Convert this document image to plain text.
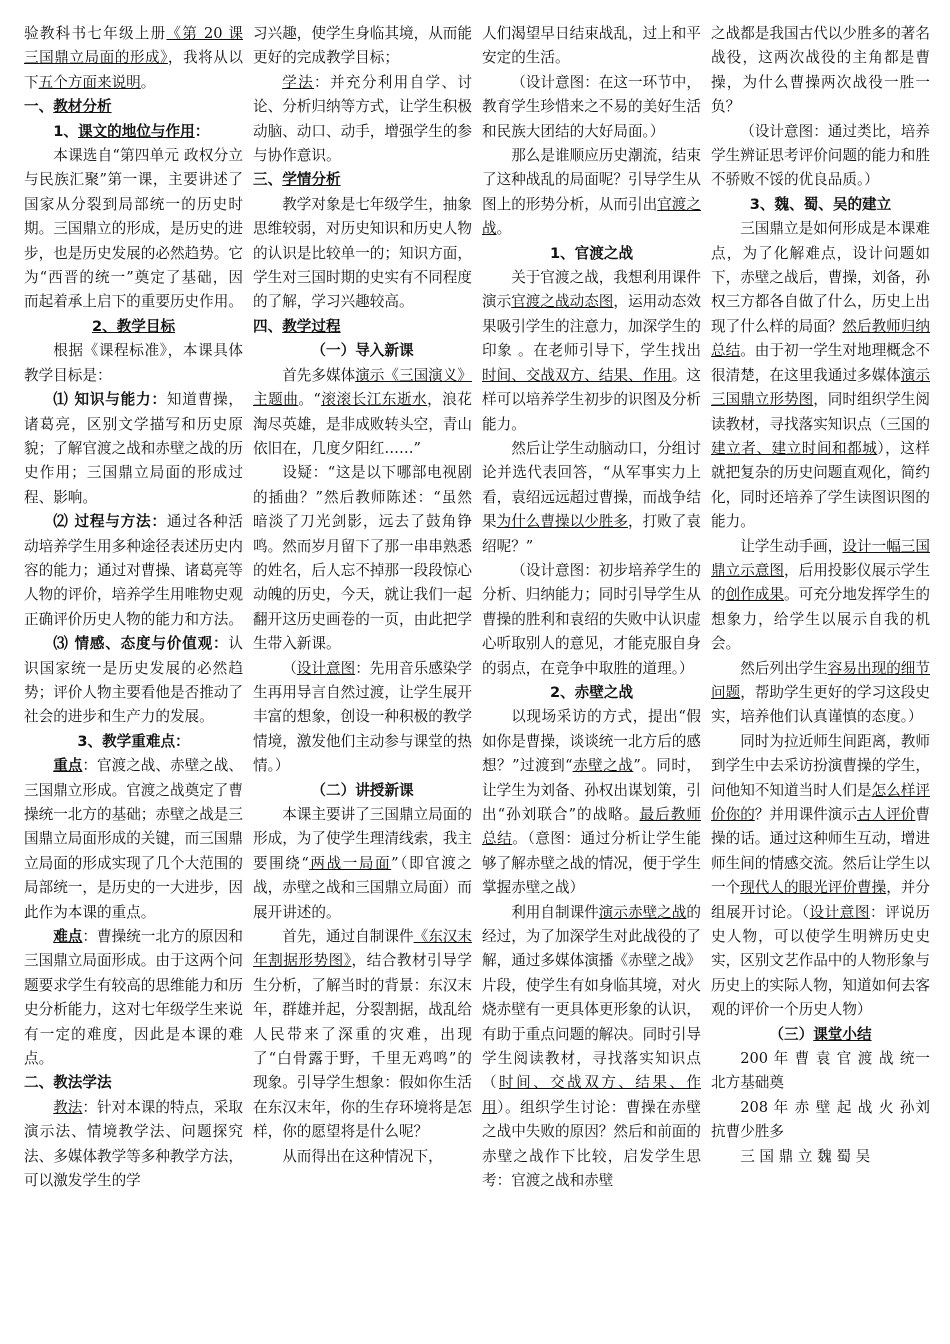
验教科书七年级上册《第 20 课 三国鼎立局面的形成》，我将从以下五个方面来说明。

一、教材分析
1、课文的地位与作用：

本课选自“第四单元 政权分立与民族汇聚”第一课，主要讲述了国家从分裂到局部统一的历史时期。三国鼎立的形成，是历史的进步，也是历史发展的必然趋势。它为“西晋的统一”奠定了基础，因而起着承上启下的重要历史作用。

2、教学目标

根据《课程标准》，本课具体教学目标是：

⑴ 知识与能力：知道曹操，诸葛亮，区别文学描写和历史原貌；了解官渡之战和赤壁之战的历史作用；三国鼎立局面的形成过程、影响。

⑵ 过程与方法：通过各种活动培养学生用多种途径表述历史内容的能力；通过对曹操、诸葛亮等人物的评价，培养学生用唯物史观正确评价历史人物的能力和方法。

⑶ 情感、态度与价值观：认识国家统一是历史发展的必然趋势；评价人物主要看他是否推动了社会的进步和生产力的发展。

3、教学重难点：

重点：官渡之战、赤壁之战、三国鼎立形成。官渡之战奠定了曹操统一北方的基础；赤壁之战是三国鼎立局面形成的关键，而三国鼎立局面的形成实现了几个大范围的局部统一，是历史的一大进步，因此作为本课的重点。

难点：曹操统一北方的原因和三国鼎立局面形成。由于这两个问题要求学生有较高的思维能力和历史分析能力，这对七年级学生来说有一定的难度，因此是本课的难点。

二、教法学法

教法：针对本课的特点，采取演示法、情境教学法、问题探究法、多媒体教学等多种教学方法，可以激发学生的学

习兴趣，使学生身临其境，从而能更好的完成教学目标；

学法：并充分利用自学、讨论、分析归纳等方式，让学生积极动脑、动口、动手，增强学生的参与协作意识。

三、学情分析

教学对象是七年级学生，抽象思维较弱，对历史知识和历史人物的认识是比较单一的；知识方面，学生对三国时期的史实有不同程度的了解，学习兴趣较高。

四、教学过程
（一）导入新课

首先多媒体演示《三国演义》主题曲。“滚滚长江东逝水，浪花淘尽英雄，是非成败转头空，青山依旧在，几度夕阳红……”

设疑：“这是以下哪部电视剧的插曲？”然后教师陈述：“虽然暗淡了刀光剑影，远去了鼓角铮鸣。然而岁月留下了那一串串熟悉的姓名，后人忘不掉那一段段惊心动魄的历史，今天，就让我们一起翻开这历史画卷的一页，由此把学生带入新课。

（设计意图：先用音乐感染学生再用导言自然过渡，让学生展开丰富的想象，创设一种积极的教学情境，激发他们主动参与课堂的热情。）

（二）讲授新课

本课主要讲了三国鼎立局面的形成，为了使学生理清线索，我主要围绕“两战一局面”（即官渡之战，赤壁之战和三国鼎立局面）而展开讲述的。

首先，通过自制课件《东汉末年割据形势图》，结合教材引导学生分析，了解当时的背景：东汉末年，群雄并起，分裂割据，战乱给人民带来了深重的灾难，出现了“白骨露于野，千里无鸡鸣”的现象。引导学生想象：假如你生活在东汉末年，你的生存环境将是怎样，你的愿望将是什么呢？

从而得出在这种情况下，

人们渴望早日结束战乱，过上和平安定的生活。

（设计意图：在这一环节中，教育学生珍惜来之不易的美好生活和民族大团结的大好局面。）

那么是谁顺应历史潮流，结束了这种战乱的局面呢？引导学生从图上的形势分析，从而引出官渡之战。

1、官渡之战

关于官渡之战，我想利用课件演示官渡之战动态图，运用动态效果吸引学生的注意力，加深学生的印象 。在老师引导下，学生找出时间、交战双方、结果、作用。这样可以培养学生初步的识图及分析能力。

然后让学生动脑动口，分组讨论并选代表回答，“从军事实力上看，袁绍远远超过曹操，而战争结果为什么曹操以少胜多，打败了袁绍呢？”

（设计意图：初步培养学生的分析、归纳能力；同时引导学生从曹操的胜利和袁绍的失败中认识虚心听取别人的意见，才能克服自身的弱点，在竞争中取胜的道理。）

2、赤壁之战

以现场采访的方式，提出“假如你是曹操，谈谈统一北方后的感想？”过渡到“赤壁之战”。同时，让学生为刘备、孙权出谋划策，引出“孙刘联合”的战略。最后教师总结。（意图：通过分析让学生能够了解赤壁之战的情况，便于学生掌握赤壁之战）

利用自制课件演示赤壁之战的经过，为了加深学生对此战役的了解，通过多媒体演播《赤壁之战》片段，使学生有如身临其境，对火烧赤壁有一更具体更形象的认识，有助于重点问题的解决。同时引导学生阅读教材，寻找落实知识点（时间、交战双方、结果、作用）。组织学生讨论：曹操在赤壁之战中失败的原因？然后和前面的赤壁之战作下比较，启发学生思考：官渡之战和赤壁

之战都是我国古代以少胜多的著名战役，这两次战役的主角都是曹操，为什么曹操两次战役一胜一负？

（设计意图：通过类比，培养学生辨证思考评价问题的能力和胜不骄败不馁的优良品质。）

3、魏、蜀、吴的建立

三国鼎立是如何形成是本课难点，为了化解难点，设计问题如下，赤壁之战后，曹操，刘备，孙权三方都各自做了什么，历史上出现了什么样的局面？然后教师归纳总结。由于初一学生对地理概念不很清楚，在这里我通过多媒体演示三国鼎立形势图，同时组织学生阅读教材，寻找落实知识点（三国的建立者、建立时间和都城），这样就把复杂的历史问题直观化，简约化，同时还培养了学生读图识图的能力。

让学生动手画，设计一幅三国鼎立示意图，后用投影仪展示学生的创作成果。可充分地发挥学生的想象力，给学生以展示自我的机会。

然后列出学生容易出现的细节问题，帮助学生更好的学习这段史实，培养他们认真谨慎的态度。）

同时为拉近师生间距离，教师到学生中去采访扮演曹操的学生，问他知不知道当时人们是怎么样评价你的？并用课件演示古人评价曹操的话。通过这种师生互动，增进师生间的情感交流。然后让学生以一个现代人的眼光评价曹操，并分组展开讨论。（设计意图：评说历史人物，可以使学生明辨历史史实，区别文艺作品中的人物形象与历史上的实际人物，知道如何去客观的评价一个历史人物）

（三）课堂小结

200 年 曹 袁 官 渡 战 统一北方基础奠

208 年 赤 壁 起 战 火 孙刘抗曹少胜多

三 国 鼎 立 魏 蜀 吴
